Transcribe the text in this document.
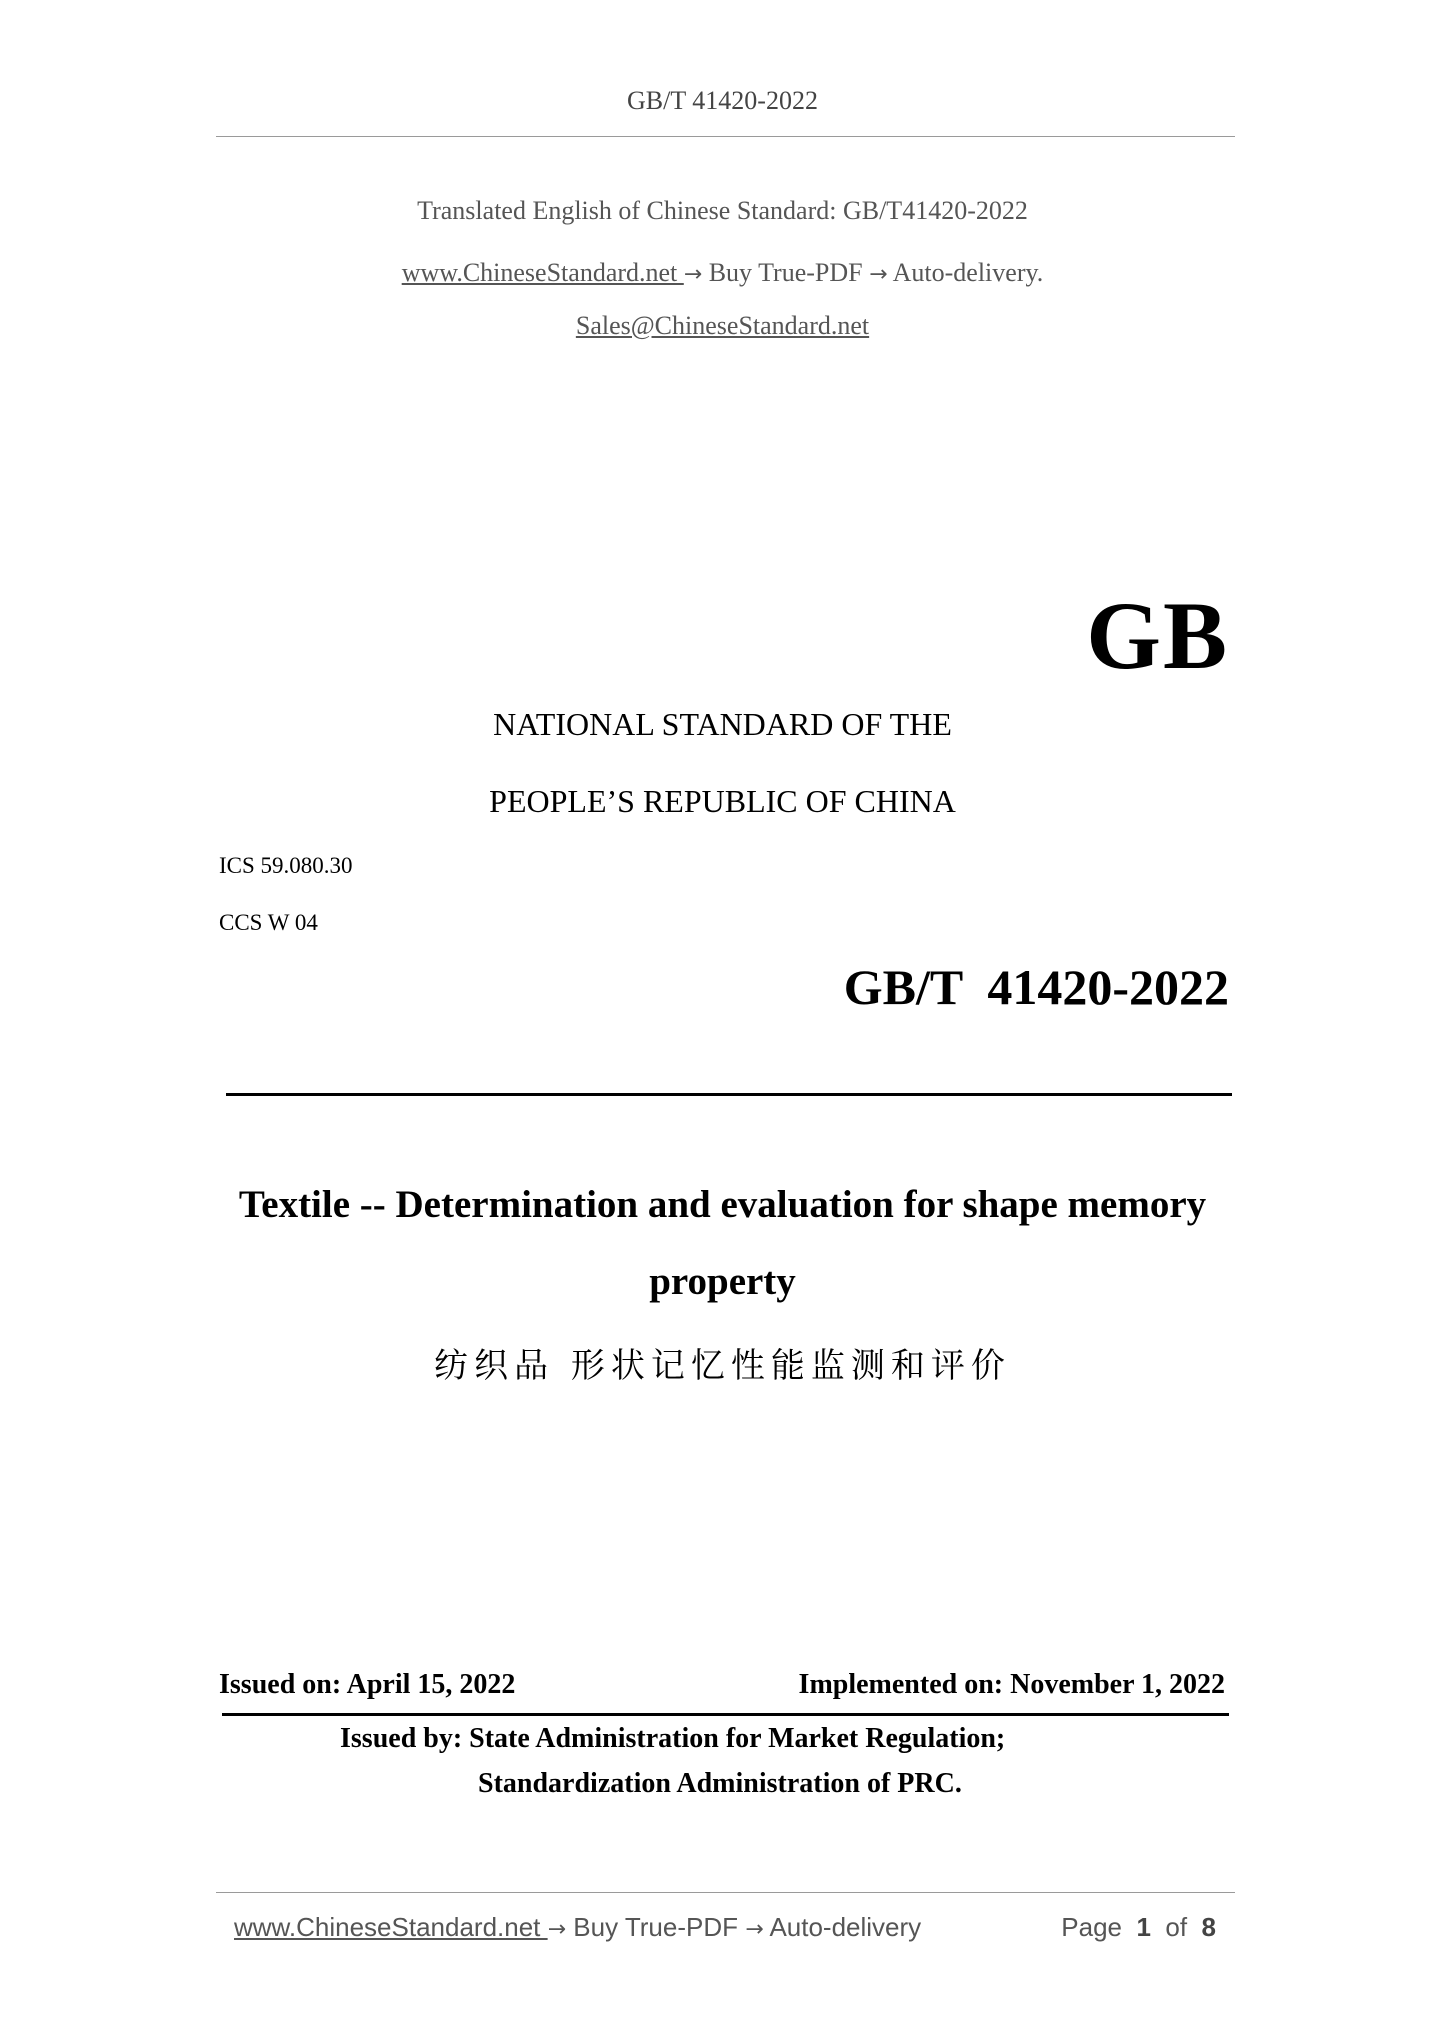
GB/T 41420-2022
Translated English of Chinese Standard: GB/T41420-2022
www.ChineseStandard.net → Buy True-PDF → Auto-delivery.
Sales@ChineseStandard.net
GB
NATIONAL STANDARD OF THE
PEOPLE’S REPUBLIC OF CHINA
ICS 59.080.30
CCS W 04
GB/T  41420-2022
Textile -- Determination and evaluation for shape memory
property
纺织品 形状记忆性能监测和评价
Issued on: April 15, 2022	Implemented on: November 1, 2022
Issued by: State Administration for Market Regulation;
Standardization Administration of PRC.
www.ChineseStandard.net → Buy True-PDF → Auto-delivery	Page 1 of 8
